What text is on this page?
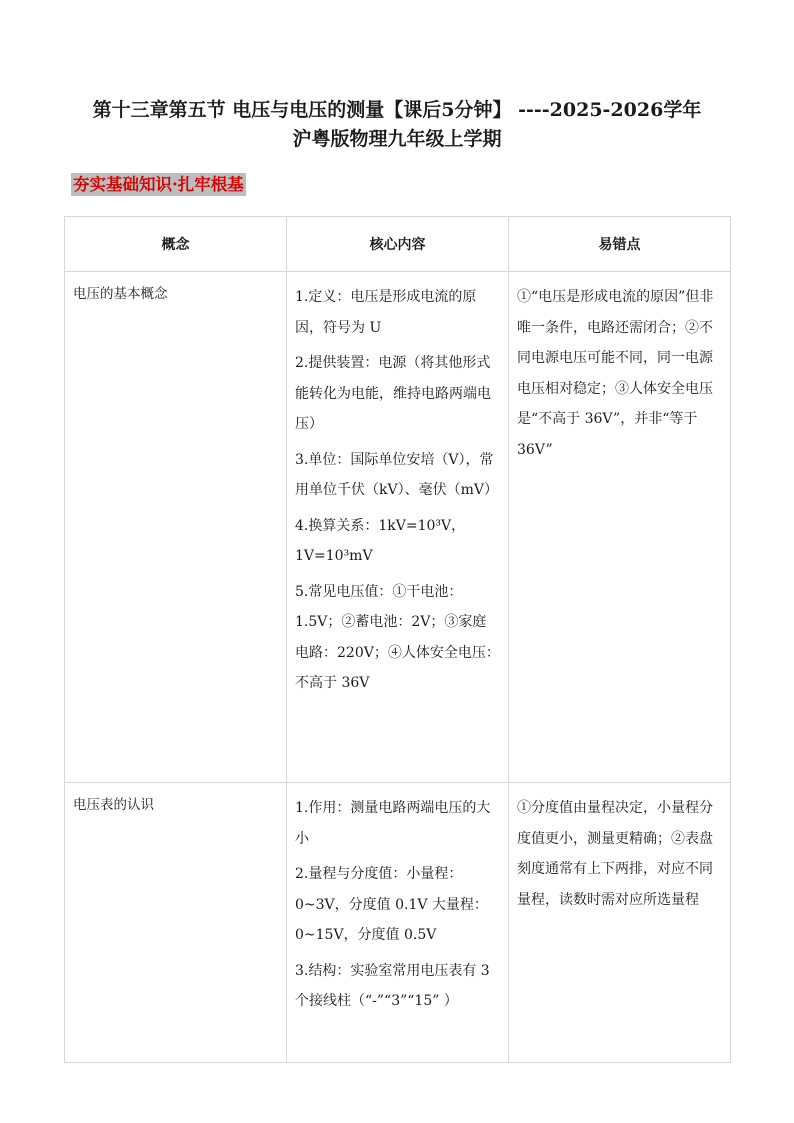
第十三章第五节 电压与电压的测量【课后5分钟】 ----2025-2026学年
沪粤版物理九年级上学期
夯实基础知识·扎牢根基
概念	核心内容	易错点
电压的基本概念	1.定义：电压是形成电流的原因，符号为 U

2.提供装置：电源（将其他形式能转化为电能，维持电路两端电压）

3.单位：国际单位安培（V），常用单位千伏（kV）、毫伏（mV）

4.换算关系：1kV=10³V，1V=10³mV

5.常见电压值：①干电池：1.5V；②蓄电池：2V；③家庭电路：220V；④人体安全电压：不高于 36V	①“电压是形成电流的原因”但非唯一条件，电路还需闭合；②不同电源电压可能不同，同一电源电压相对稳定；③人体安全电压是“不高于 36V”，并非“等于 36V”
电压表的认识	1.作用：测量电路两端电压的大小

2.量程与分度值：小量程：0~3V，分度值 0.1V 大量程：0~15V，分度值 0.5V

3.结构：实验室常用电压表有 3 个接线柱（“-”“3”“15” ）	①分度值由量程决定，小量程分度值更小，测量更精确；②表盘刻度通常有上下两排，对应不同量程，读数时需对应所选量程
